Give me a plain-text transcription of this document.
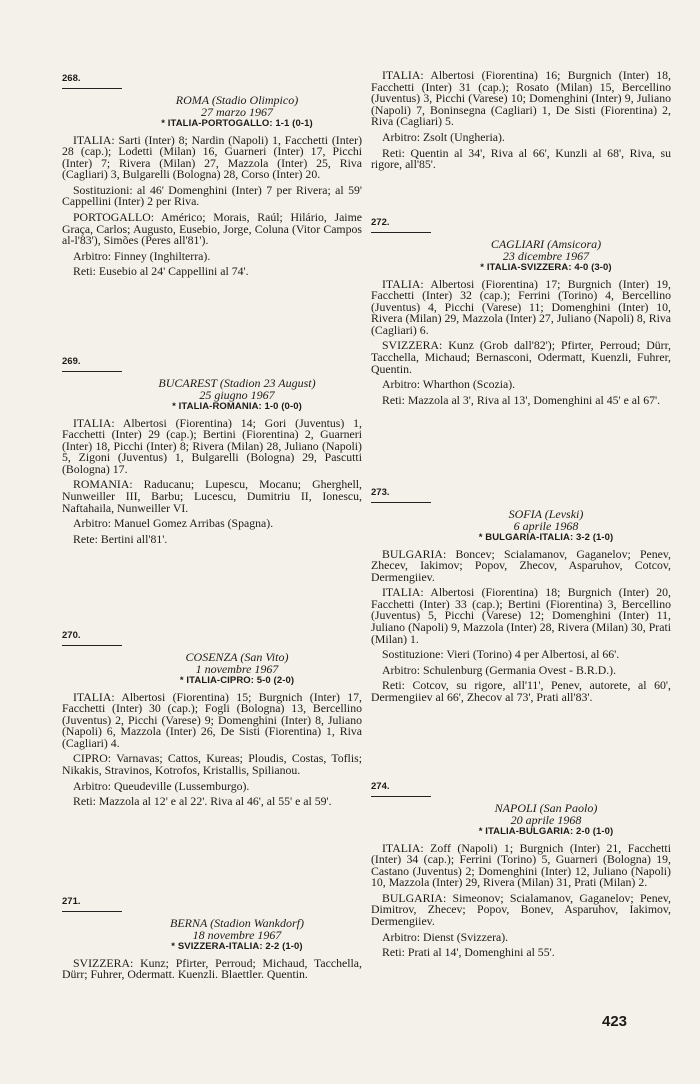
268.
ROMA (Stadio Olimpico)
27 marzo 1967
* ITALIA-PORTOGALLO: 1-1 (0-1)
ITALIA: Sarti (Inter) 8; Nardin (Napoli) 1, Facchetti (Inter) 28 (cap.); Lodetti (Milan) 16, Guarneri (Inter) 17, Picchi (Inter) 7; Rivera (Milan) 27, Mazzola (Inter) 25, Riva (Cagliari) 3, Bulgarelli (Bologna) 28, Corso (Inter) 20.
Sostituzioni: al 46' Domenghini (Inter) 7 per Rivera; al 59' Cappellini (Inter) 2 per Riva.
PORTOGALLO: Américo; Morais, Raúl; Hilário, Jaime Graça, Carlos; Augusto, Eusebio, Jorge, Coluna (Vitor Campos al-l'83'), Simões (Peres all'81').
Arbitro: Finney (Inghilterra).
Reti: Eusebio al 24' Cappellini al 74'.
269.
BUCAREST (Stadion 23 August)
25 giugno 1967
* ITALIA-ROMANIA: 1-0 (0-0)
ITALIA: Albertosi (Fiorentina) 14; Gori (Juventus) 1, Facchetti (Inter) 29 (cap.); Bertini (Fiorentina) 2, Guarneri (Inter) 18, Picchi (Inter) 8; Rivera (Milan) 28, Juliano (Napoli) 5, Zigoni (Juventus) 1, Bulgarelli (Bologna) 29, Pascutti (Bologna) 17.
ROMANIA: Raducanu; Lupescu, Mocanu; Gherghell, Nunweiller III, Barbu; Lucescu, Dumitriu II, Ionescu, Naftahaila, Nunweiller VI.
Arbitro: Manuel Gomez Arribas (Spagna).
Rete: Bertini all'81'.
270.
COSENZA (San Vito)
1 novembre 1967
* ITALIA-CIPRO: 5-0 (2-0)
ITALIA: Albertosi (Fiorentina) 15; Burgnich (Inter) 17, Facchetti (Inter) 30 (cap.); Fogli (Bologna) 13, Bercellino (Juventus) 2, Picchi (Varese) 9; Domenghini (Inter) 8, Juliano (Napoli) 6, Mazzola (Inter) 26, De Sisti (Fiorentina) 1, Riva (Cagliari) 4.
CIPRO: Varnavas; Cattos, Kureas; Ploudis, Costas, Toflis; Nikakis, Stravinos, Kotrofos, Kristallis, Spilianou.
Arbitro: Queudeville (Lussemburgo).
Reti: Mazzola al 12' e al 22'. Riva al 46', al 55' e al 59'.
271.
BERNA (Stadion Wankdorf)
18 novembre 1967
* SVIZZERA-ITALIA: 2-2 (1-0)
SVIZZERA: Kunz; Pfirter, Perroud; Michaud, Tacchella, Dürr; Fuhrer, Odermatt. Kuenzli. Blaettler. Quentin.
ITALIA: Albertosi (Fiorentina) 16; Burgnich (Inter) 18, Facchetti (Inter) 31 (cap.); Rosato (Milan) 15, Bercellino (Juventus) 3, Picchi (Varese) 10; Domenghini (Inter) 9, Juliano (Napoli) 7, Boninsegna (Cagliari) 1, De Sisti (Fiorentina) 2, Riva (Cagliari) 5.
Arbitro: Zsolt (Ungheria).
Reti: Quentin al 34', Riva al 66', Kunzli al 68', Riva, su rigore, all'85'.
272.
CAGLIARI (Amsicora)
23 dicembre 1967
* ITALIA-SVIZZERA: 4-0 (3-0)
ITALIA: Albertosi (Fiorentina) 17; Burgnich (Inter) 19, Facchetti (Inter) 32 (cap.); Ferrini (Torino) 4, Bercellino (Juventus) 4, Picchi (Varese) 11; Domenghini (Inter) 10, Rivera (Milan) 29, Mazzola (Inter) 27, Juliano (Napoli) 8, Riva (Cagliari) 6.
SVIZZERA: Kunz (Grob dall'82'); Pfirter, Perroud; Dürr, Tacchella, Michaud; Bernasconi, Odermatt, Kuenzli, Fuhrer, Quentin.
Arbitro: Wharthon (Scozia).
Reti: Mazzola al 3', Riva al 13', Domenghini al 45' e al 67'.
273.
SOFIA (Levski)
6 aprile 1968
* BULGARIA-ITALIA: 3-2 (1-0)
BULGARIA: Boncev; Scialamanov, Gaganelov; Penev, Zhecev, Iakimov; Popov, Zhecov, Asparuhov, Cotcov, Dermengiiev.
ITALIA: Albertosi (Fiorentina) 18; Burgnich (Inter) 20, Facchetti (Inter) 33 (cap.); Bertini (Fiorentina) 3, Bercellino (Juventus) 5, Picchi (Varese) 12; Domenghini (Inter) 11, Juliano (Napoli) 9, Mazzola (Inter) 28, Rivera (Milan) 30, Prati (Milan) 1.
Sostituzione: Vieri (Torino) 4 per Albertosi, al 66'.
Arbitro: Schulenburg (Germania Ovest - B.R.D.).
Reti: Cotcov, su rigore, all'11', Penev, autorete, al 60', Dermengiiev al 66', Zhecov al 73', Prati all'83'.
274.
NAPOLI (San Paolo)
20 aprile 1968
* ITALIA-BULGARIA: 2-0 (1-0)
ITALIA: Zoff (Napoli) 1; Burgnich (Inter) 21, Facchetti (Inter) 34 (cap.); Ferrini (Torino) 5, Guarneri (Bologna) 19, Castano (Juventus) 2; Domenghini (Inter) 12, Juliano (Napoli) 10, Mazzola (Inter) 29, Rivera (Milan) 31, Prati (Milan) 2.
BULGARIA: Simeonov; Scialamanov, Gaganelov; Penev, Dimitrov, Zhecev; Popov, Bonev, Asparuhov, Iakimov, Dermengiiev.
Arbitro: Dienst (Svizzera).
Reti: Prati al 14', Domenghini al 55'.
423
